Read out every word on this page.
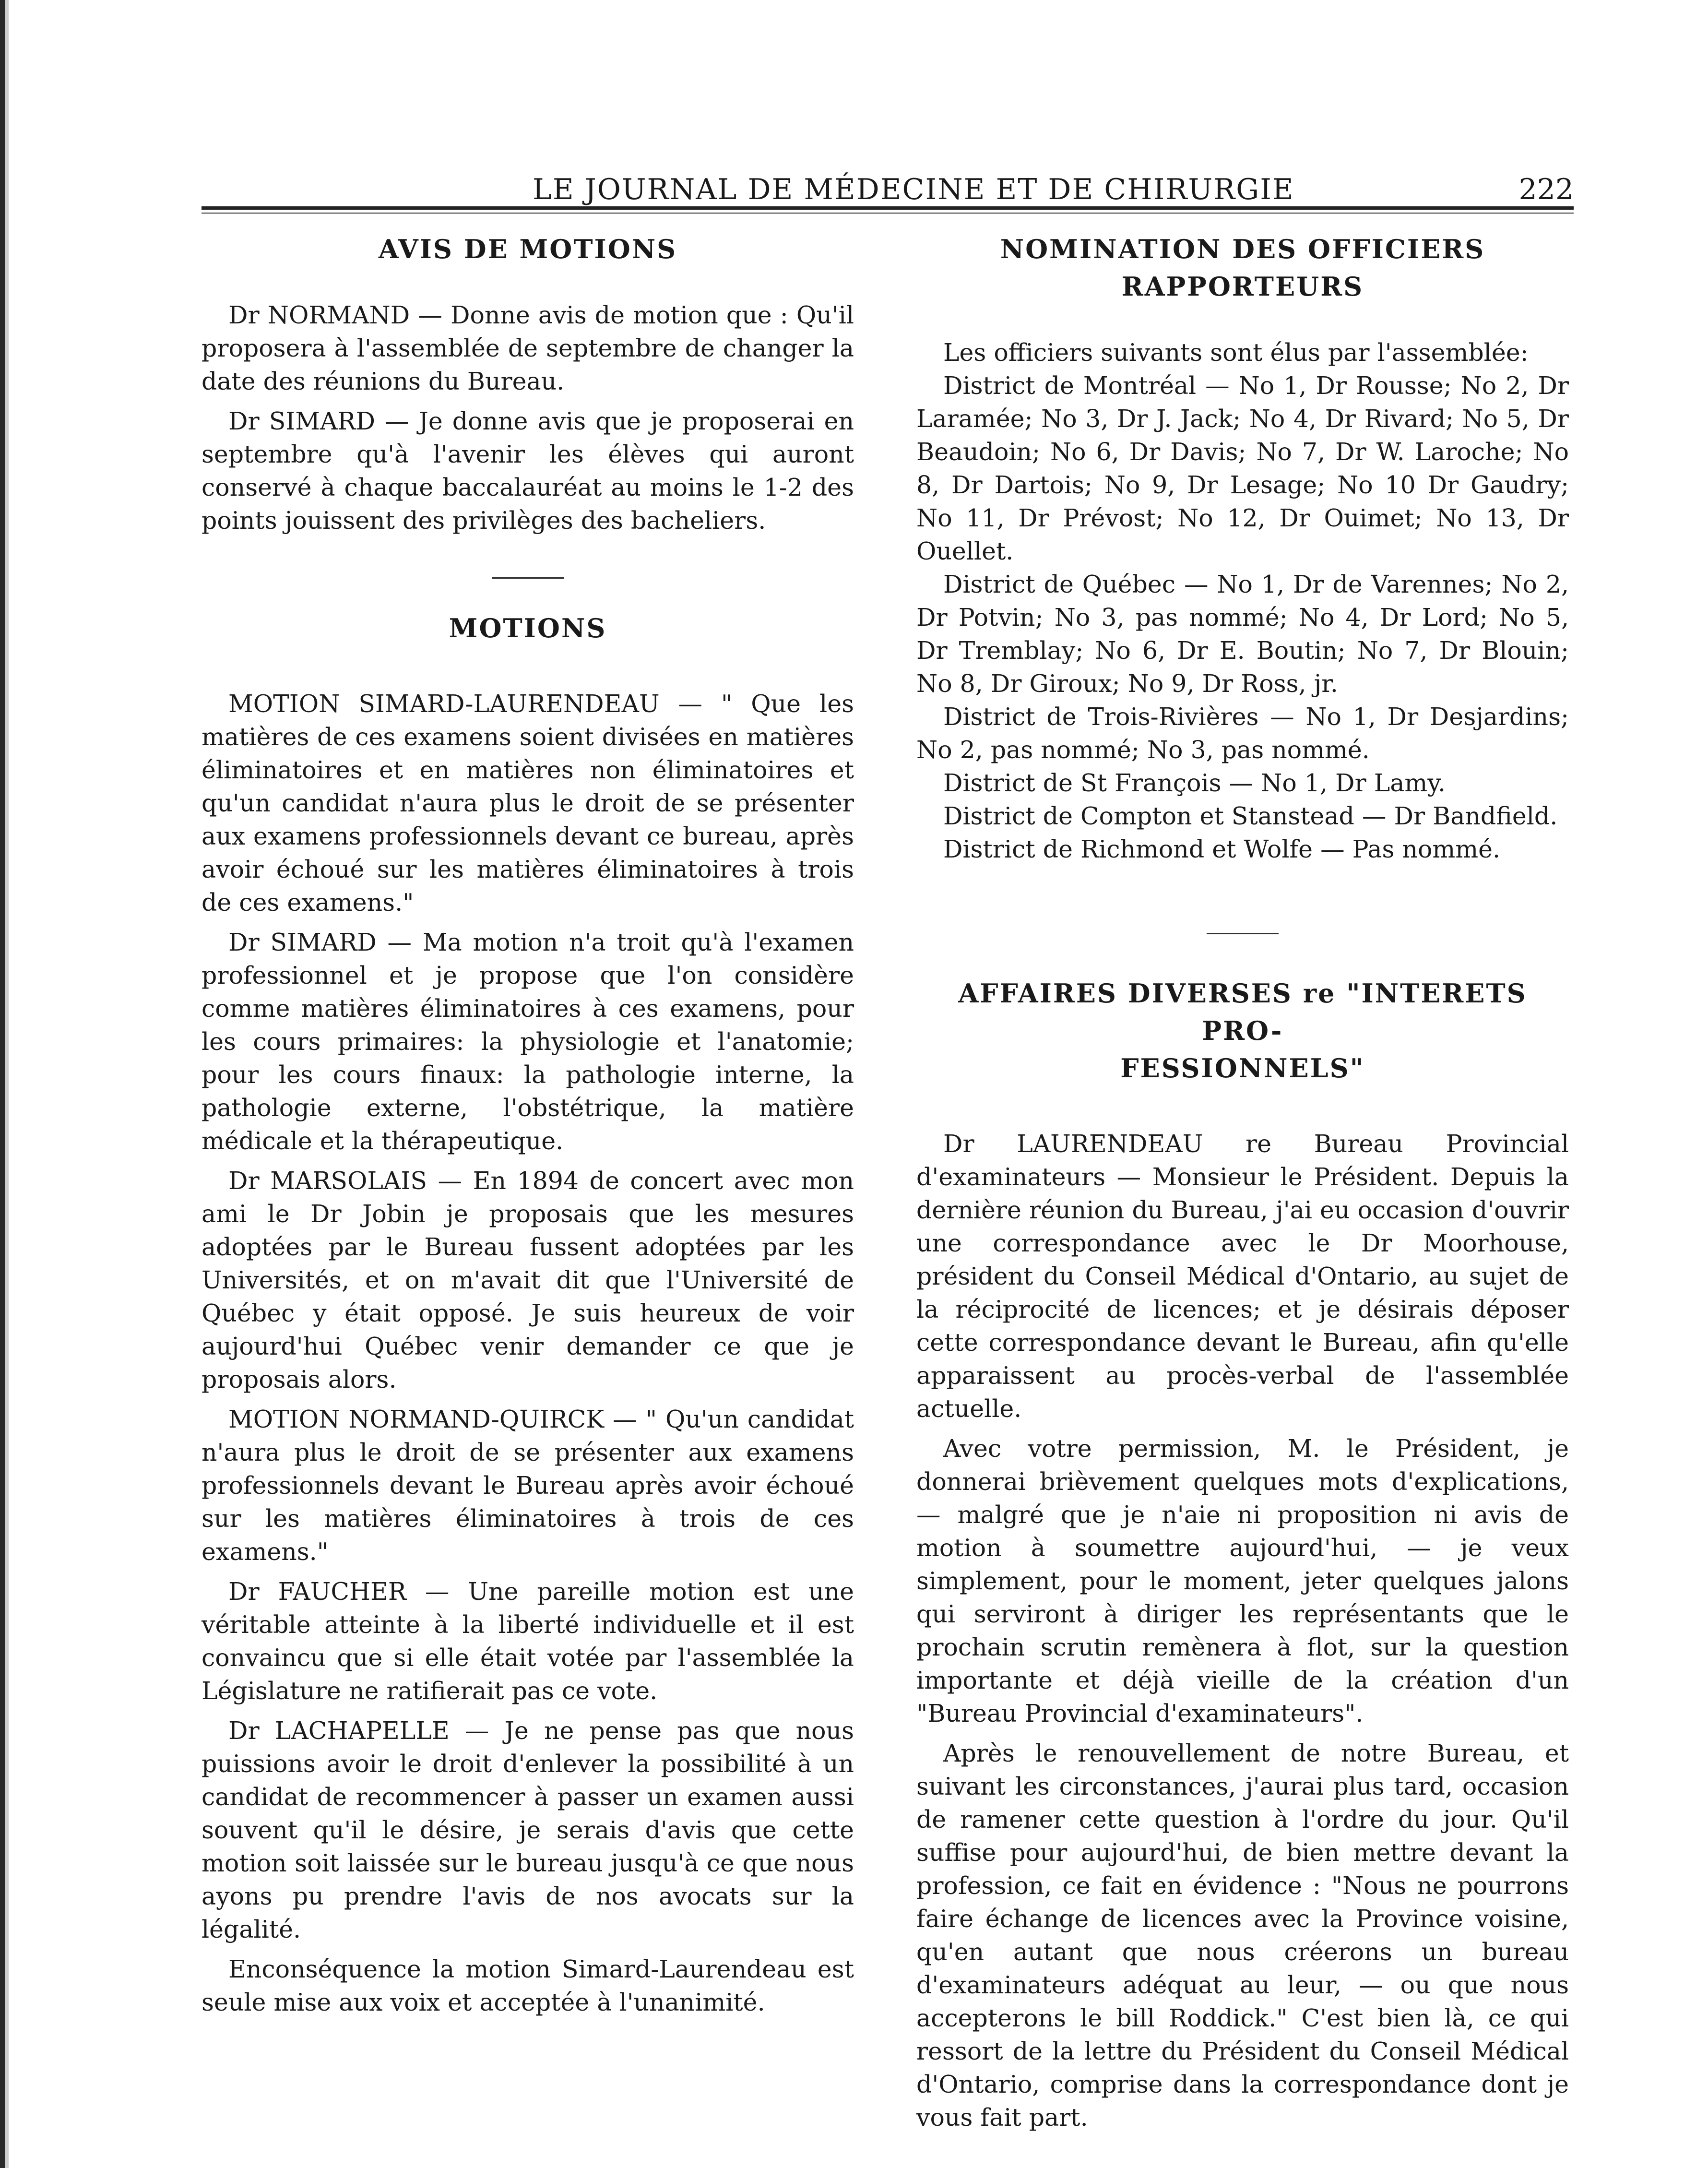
LE JOURNAL DE MÉDECINE ET DE CHIRURGIE	222
AVIS DE MOTIONS

Dr NORMAND — Donne avis de motion que : Qu'il proposera à l'assemblée de septembre de changer la date des réunions du Bureau.

Dr SIMARD — Je donne avis que je proposerai en septembre qu'à l'avenir les élèves qui auront conservé à chaque baccalauréat au moins le 1-2 des points jouissent des privilèges des bacheliers.

MOTIONS

MOTION SIMARD-LAURENDEAU — " Que les matières de ces examens soient divisées en matières éliminatoires et en matières non éliminatoires et qu'un candidat n'aura plus le droit de se présenter aux examens professionnels devant ce bureau, après avoir échoué sur les matières éliminatoires à trois de ces examens."

Dr SIMARD — Ma motion n'a troit qu'à l'examen professionnel et je propose que l'on considère comme matières éliminatoires à ces examens, pour les cours primaires: la physiologie et l'anatomie; pour les cours finaux: la pathologie interne, la pathologie externe, l'obstétrique, la matière médicale et la thérapeutique.

Dr MARSOLAIS — En 1894 de concert avec mon ami le Dr Jobin je proposais que les mesures adoptées par le Bureau fussent adoptées par les Universités, et on m'avait dit que l'Université de Québec y était opposé. Je suis heureux de voir aujourd'hui Québec venir demander ce que je proposais alors.

MOTION NORMAND-QUIRCK — " Qu'un candidat n'aura plus le droit de se présenter aux examens professionnels devant le Bureau après avoir échoué sur les matières éliminatoires à trois de ces examens."

Dr FAUCHER — Une pareille motion est une véritable atteinte à la liberté individuelle et il est convaincu que si elle était votée par l'assemblée la Législature ne ratifierait pas ce vote.

Dr LACHAPELLE — Je ne pense pas que nous puissions avoir le droit d'enlever la possibilité à un candidat de recommencer à passer un examen aussi souvent qu'il le désire, je serais d'avis que cette motion soit laissée sur le bureau jusqu'à ce que nous ayons pu prendre l'avis de nos avocats sur la légalité.

Enconséquence la motion Simard-Laurendeau est seule mise aux voix et acceptée à l'unanimité.

NOMINATION DES OFFICIERS RAPPORTEURS

Les officiers suivants sont élus par l'assemblée:

District de Montréal — No 1, Dr Rousse; No 2, Dr Laramée; No 3, Dr J. Jack; No 4, Dr Rivard; No 5, Dr Beaudoin; No 6, Dr Davis; No 7, Dr W. Laroche; No 8, Dr Dartois; No 9, Dr Lesage; No 10 Dr Gaudry; No 11, Dr Prévost; No 12, Dr Ouimet; No 13, Dr Ouellet.

District de Québec — No 1, Dr de Varennes; No 2, Dr Potvin; No 3, pas nommé; No 4, Dr Lord; No 5, Dr Tremblay; No 6, Dr E. Boutin; No 7, Dr Blouin; No 8, Dr Giroux; No 9, Dr Ross, jr.

District de Trois-Rivières — No 1, Dr Desjardins; No 2, pas nommé; No 3, pas nommé.

District de St François — No 1, Dr Lamy.

District de Compton et Stanstead — Dr Bandfield.

District de Richmond et Wolfe — Pas nommé.

AFFAIRES DIVERSES re "INTERETS PRO-
FESSIONNELS"

Dr LAURENDEAU re Bureau Provincial d'examinateurs — Monsieur le Président. Depuis la dernière réunion du Bureau, j'ai eu occasion d'ouvrir une correspondance avec le Dr Moorhouse, président du Conseil Médical d'Ontario, au sujet de la réciprocité de licences; et je désirais déposer cette correspondance devant le Bureau, afin qu'elle apparaissent au procès-verbal de l'assemblée actuelle.

Avec votre permission, M. le Président, je donnerai brièvement quelques mots d'explications, — malgré que je n'aie ni proposition ni avis de motion à soumettre aujourd'hui, — je veux simplement, pour le moment, jeter quelques jalons qui serviront à diriger les représentants que le prochain scrutin remènera à flot, sur la question importante et déjà vieille de la création d'un "Bureau Provincial d'examinateurs".

Après le renouvellement de notre Bureau, et suivant les circonstances, j'aurai plus tard, occasion de ramener cette question à l'ordre du jour. Qu'il suffise pour aujourd'hui, de bien mettre devant la profession, ce fait en évidence : "Nous ne pourrons faire échange de licences avec la Province voisine, qu'en autant que nous créerons un bureau d'examinateurs adéquat au leur, — ou que nous accepterons le bill Roddick." C'est bien là, ce qui ressort de la lettre du Président du Conseil Médical d'Ontario, comprise dans la correspondance dont je vous fait part.
